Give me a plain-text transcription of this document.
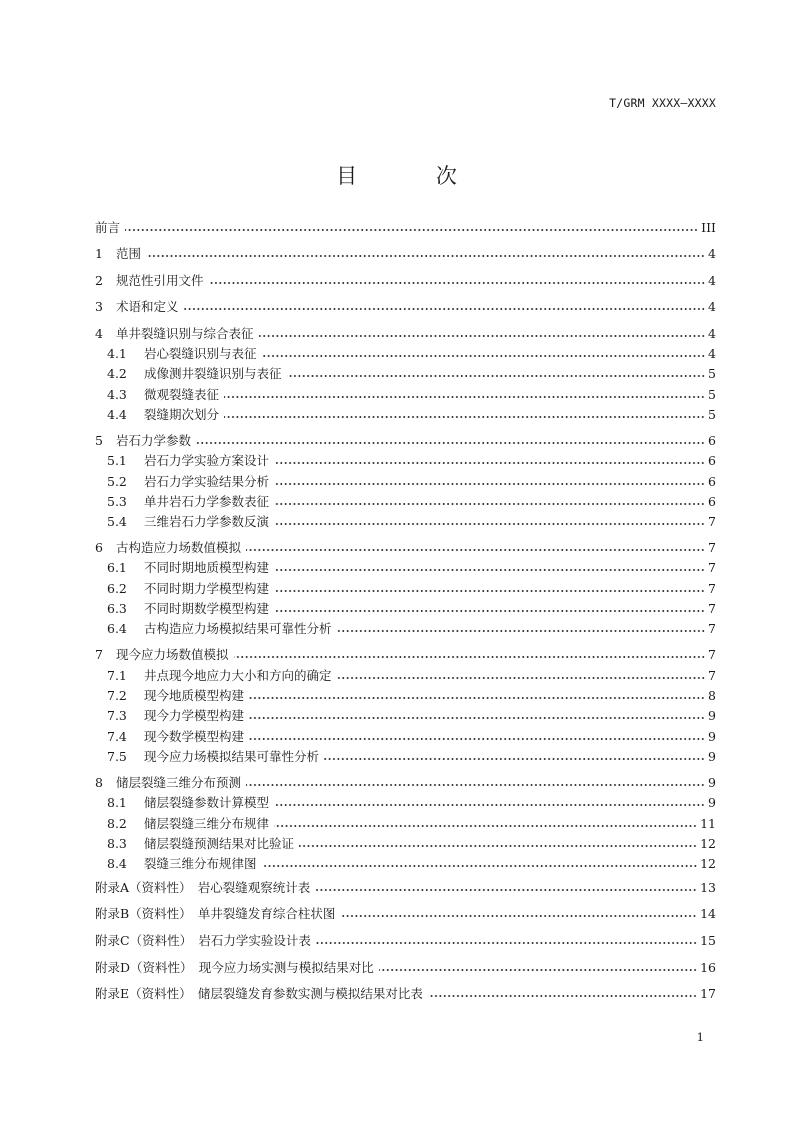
T/GRM XXXX—XXXX
目 次
前言	III
1	范围	4
2	规范性引用文件	4
3	术语和定义	4
4	单井裂缝识别与综合表征	4
4.1	岩心裂缝识别与表征	4
4.2	成像测井裂缝识别与表征	5
4.3	微观裂缝表征	5
4.4	裂缝期次划分	5
5	岩石力学参数	6
5.1	岩石力学实验方案设计	6
5.2	岩石力学实验结果分析	6
5.3	单井岩石力学参数表征	6
5.4	三维岩石力学参数反演	7
6	古构造应力场数值模拟	7
6.1	不同时期地质模型构建	7
6.2	不同时期力学模型构建	7
6.3	不同时期数学模型构建	7
6.4	古构造应力场模拟结果可靠性分析	7
7	现今应力场数值模拟	7
7.1	井点现今地应力大小和方向的确定	7
7.2	现今地质模型构建	8
7.3	现今力学模型构建	9
7.4	现今数学模型构建	9
7.5	现今应力场模拟结果可靠性分析	9
8	储层裂缝三维分布预测	9
8.1	储层裂缝参数计算模型	9
8.2	储层裂缝三维分布规律	11
8.3	储层裂缝预测结果对比验证	12
8.4	裂缝三维分布规律图	12
附录A（资料性）　岩心裂缝观察统计表	13
附录B（资料性）　单井裂缝发育综合柱状图	14
附录C（资料性）　岩石力学实验设计表	15
附录D（资料性）　现今应力场实测与模拟结果对比	16
附录E（资料性）　储层裂缝发育参数实测与模拟结果对比表	17
1
